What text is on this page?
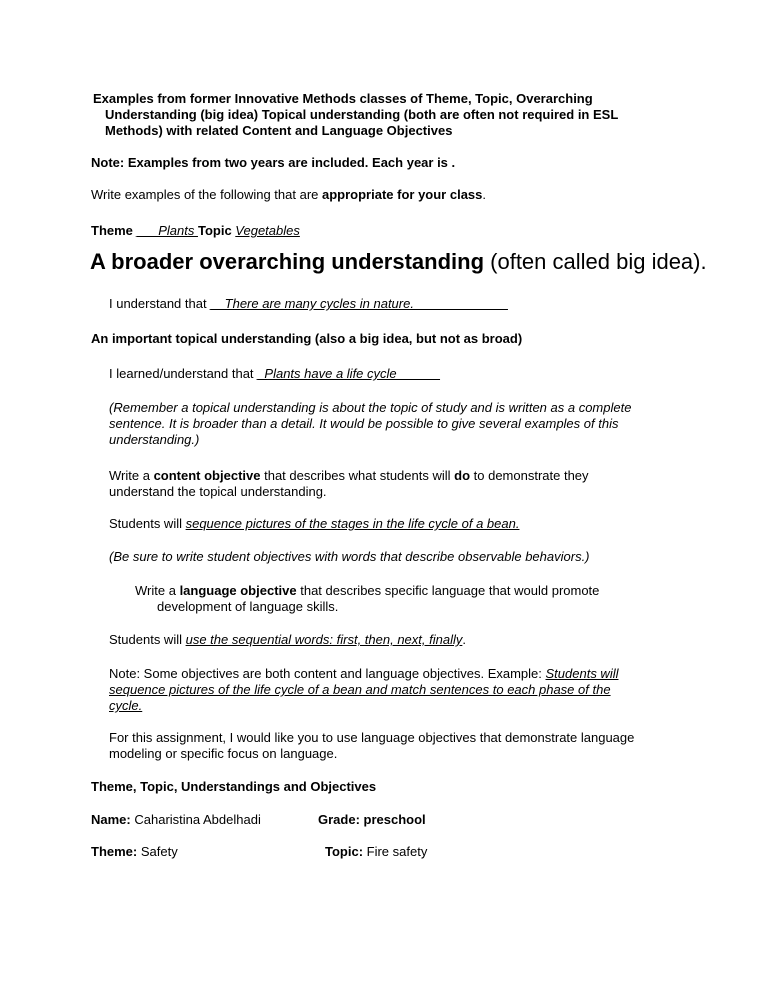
Examples from former Innovative Methods classes of Theme, Topic, Overarching

Understanding (big idea) Topical understanding (both are often not required in ESL

Methods) with related Content and Language Objectives

Note: Examples from two years are included. Each year is .

Write examples of the following that are appropriate for your class.

Theme ___Plants Topic Vegetables

A broader overarching understanding (often called big idea).

I understand that __There are many cycles in nature._____________

An important topical understanding (also a big idea, but not as broad)

I learned/understand that _Plants have a life cycle______

(Remember a topical understanding is about the topic of study and is written as a complete

sentence. It is broader than a detail. It would be possible to give several examples of this

understanding.)

Write a content objective that describes what students will do to demonstrate they

understand the topical understanding.

Students will sequence pictures of the stages in the life cycle of a bean.

(Be sure to write student objectives with words that describe observable behaviors.)

Write a language objective that describes specific language that would promote

development of language skills.

Students will use the sequential words: first, then, next, finally.

Note: Some objectives are both content and language objectives. Example: Students will

sequence pictures of the life cycle of a bean and match sentences to each phase of the

cycle.

For this assignment, I would like you to use language objectives that demonstrate language

modeling or specific focus on language.

Theme, Topic, Understandings and Objectives

Name: Caharistina Abdelhadi	Grade: preschool

Theme: Safety	Topic: Fire safety
